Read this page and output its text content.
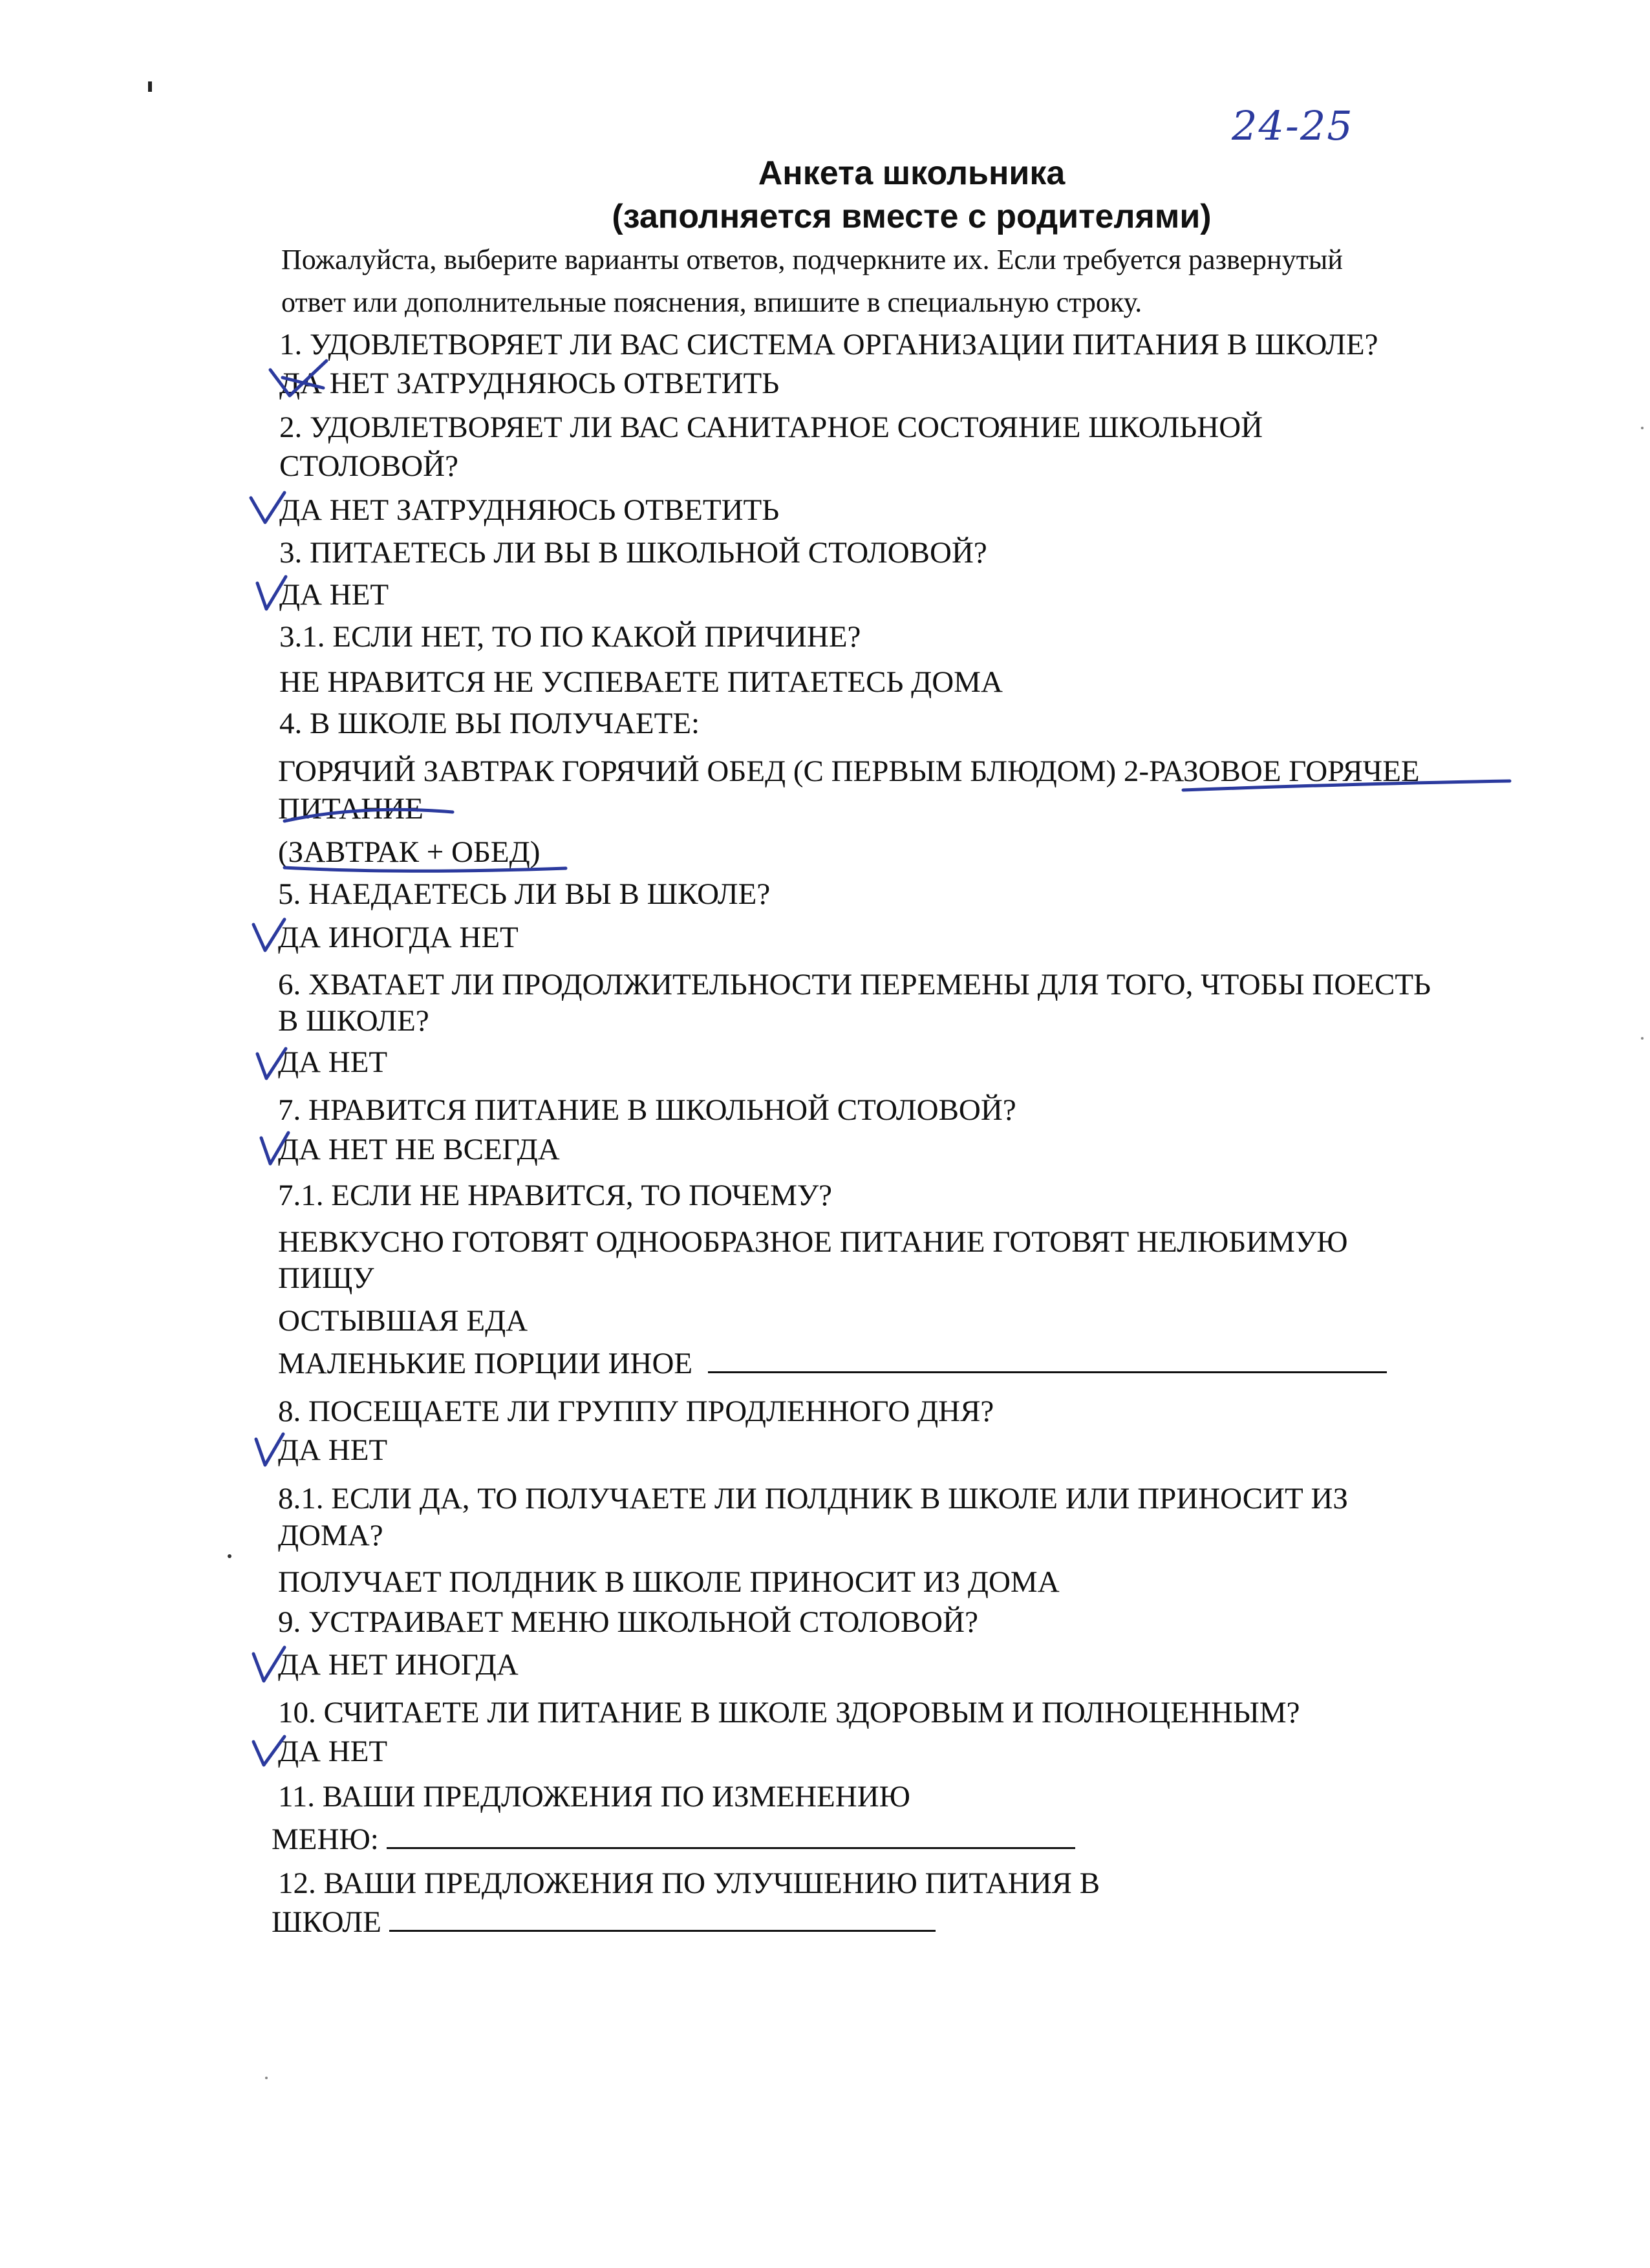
24-25
Анкета школьника
(заполняется вместе с родителями)
Пожалуйста, выберите варианты ответов, подчеркните их. Если требуется развернутый
ответ или дополнительные пояснения, впишите в специальную строку.
1. УДОВЛЕТВОРЯЕТ ЛИ ВАС СИСТЕМА ОРГАНИЗАЦИИ ПИТАНИЯ В ШКОЛЕ?
ДА НЕТ ЗАТРУДНЯЮСЬ ОТВЕТИТЬ
2. УДОВЛЕТВОРЯЕТ ЛИ ВАС САНИТАРНОЕ СОСТОЯНИЕ ШКОЛЬНОЙ
СТОЛОВОЙ?
ДА НЕТ ЗАТРУДНЯЮСЬ ОТВЕТИТЬ
3. ПИТАЕТЕСЬ ЛИ ВЫ В ШКОЛЬНОЙ СТОЛОВОЙ?
ДА НЕТ
3.1. ЕСЛИ НЕТ, ТО ПО КАКОЙ ПРИЧИНЕ?
НЕ НРАВИТСЯ НЕ УСПЕВАЕТЕ ПИТАЕТЕСЬ ДОМА
4. В ШКОЛЕ ВЫ ПОЛУЧАЕТЕ:
ГОРЯЧИЙ ЗАВТРАК ГОРЯЧИЙ ОБЕД (С ПЕРВЫМ БЛЮДОМ) 2-РАЗОВОЕ ГОРЯЧЕЕ
ПИТАНИЕ
(ЗАВТРАК + ОБЕД)
5. НАЕДАЕТЕСЬ ЛИ ВЫ В ШКОЛЕ?
ДА ИНОГДА НЕТ
6. ХВАТАЕТ ЛИ ПРОДОЛЖИТЕЛЬНОСТИ ПЕРЕМЕНЫ ДЛЯ ТОГО, ЧТОБЫ ПОЕСТЬ
В ШКОЛЕ?
ДА НЕТ
7. НРАВИТСЯ ПИТАНИЕ В ШКОЛЬНОЙ СТОЛОВОЙ?
ДА НЕТ НЕ ВСЕГДА
7.1. ЕСЛИ НЕ НРАВИТСЯ, ТО ПОЧЕМУ?
НЕВКУСНО ГОТОВЯТ ОДНООБРАЗНОЕ ПИТАНИЕ ГОТОВЯТ НЕЛЮБИМУЮ
ПИЩУ
ОСТЫВШАЯ ЕДА
МАЛЕНЬКИЕ ПОРЦИИ ИНОЕ
8. ПОСЕЩАЕТЕ ЛИ ГРУППУ ПРОДЛЕННОГО ДНЯ?
ДА НЕТ
8.1. ЕСЛИ ДА, ТО ПОЛУЧАЕТЕ ЛИ ПОЛДНИК В ШКОЛЕ ИЛИ ПРИНОСИТ ИЗ
ДОМА?
ПОЛУЧАЕТ ПОЛДНИК В ШКОЛЕ ПРИНОСИТ ИЗ ДОМА
9. УСТРАИВАЕТ МЕНЮ ШКОЛЬНОЙ СТОЛОВОЙ?
ДА НЕТ ИНОГДА
10. СЧИТАЕТЕ ЛИ ПИТАНИЕ В ШКОЛЕ ЗДОРОВЫМ И ПОЛНОЦЕННЫМ?
ДА НЕТ
11. ВАШИ ПРЕДЛОЖЕНИЯ ПО ИЗМЕНЕНИЮ
МЕНЮ:
12. ВАШИ ПРЕДЛОЖЕНИЯ ПО УЛУЧШЕНИЮ ПИТАНИЯ В
ШКОЛЕ
